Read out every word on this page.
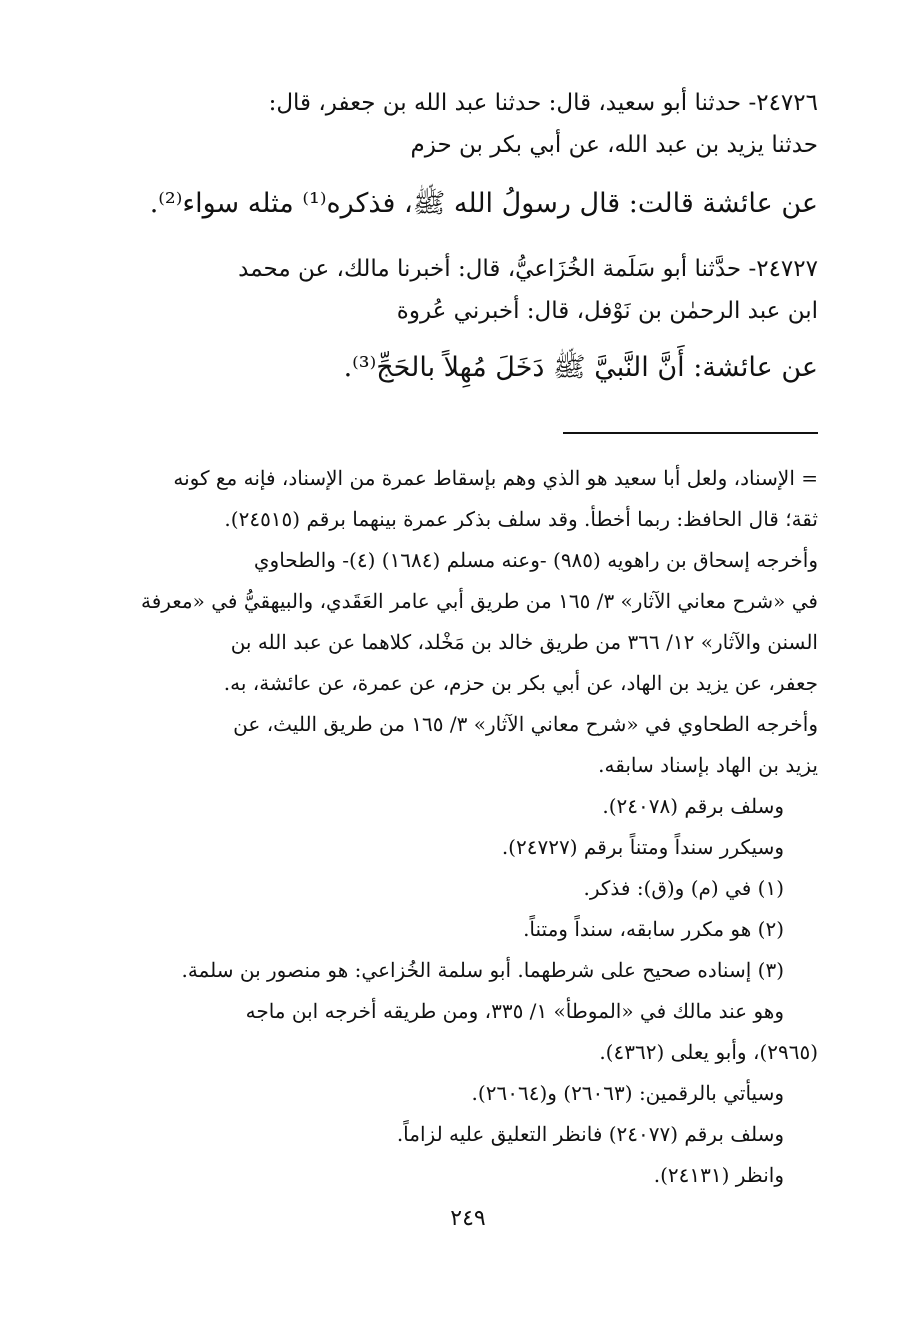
٢٤٧٢٦- حدثنا أبو سعيد، قال: حدثنا عبد الله بن جعفر، قال:
حدثنا يزيد بن عبد الله، عن أبي بكر بن حزم
عن عائشة قالت: قال رسولُ الله ﷺ، فذكره⁽¹⁾ مثله سواء⁽²⁾.
٢٤٧٢٧- حدَّثنا أبو سَلَمة الخُزَاعيُّ، قال: أخبرنا مالك، عن محمد
ابن عبد الرحمٰن بن نَوْفل، قال: أخبرني عُروة
عن عائشة: أَنَّ النَّبيَّ ﷺ دَخَلَ مُهِلاً بالحَجِّ⁽³⁾.
= الإسناد، ولعل أبا سعيد هو الذي وهم بإسقاط عمرة من الإسناد، فإنه مع كونه
ثقة؛ قال الحافظ: ربما أخطأ. وقد سلف بذكر عمرة بينهما برقم (٢٤٥١٥).
وأخرجه إسحاق بن راهويه (٩٨٥) -وعنه مسلم (١٦٨٤) (٤)- والطحاوي
في «شرح معاني الآثار» ٣/ ١٦٥ من طريق أبي عامر العَقَدي، والبيهقيُّ في «معرفة
السنن والآثار» ١٢/ ٣٦٦ من طريق خالد بن مَخْلد، كلاهما عن عبد الله بن
جعفر، عن يزيد بن الهاد، عن أبي بكر بن حزم، عن عمرة، عن عائشة، به.
وأخرجه الطحاوي في «شرح معاني الآثار» ٣/ ١٦٥ من طريق الليث، عن
يزيد بن الهاد بإسناد سابقه.
وسلف برقم (٢٤٠٧٨).
وسيكرر سنداً ومتناً برقم (٢٤٧٢٧).
(١) في (م) و(ق): فذكر.
(٢) هو مكرر سابقه، سنداً ومتناً.
(٣) إسناده صحيح على شرطهما. أبو سلمة الخُزاعي: هو منصور بن سلمة.
وهو عند مالك في «الموطأ» ١/ ٣٣٥، ومن طريقه أخرجه ابن ماجه
(٢٩٦٥)، وأبو يعلى (٤٣٦٢).
وسيأتي بالرقمين: (٢٦٠٦٣) و(٢٦٠٦٤).
وسلف برقم (٢٤٠٧٧) فانظر التعليق عليه لزاماً.
وانظر (٢٤١٣١).
٢٤٩
